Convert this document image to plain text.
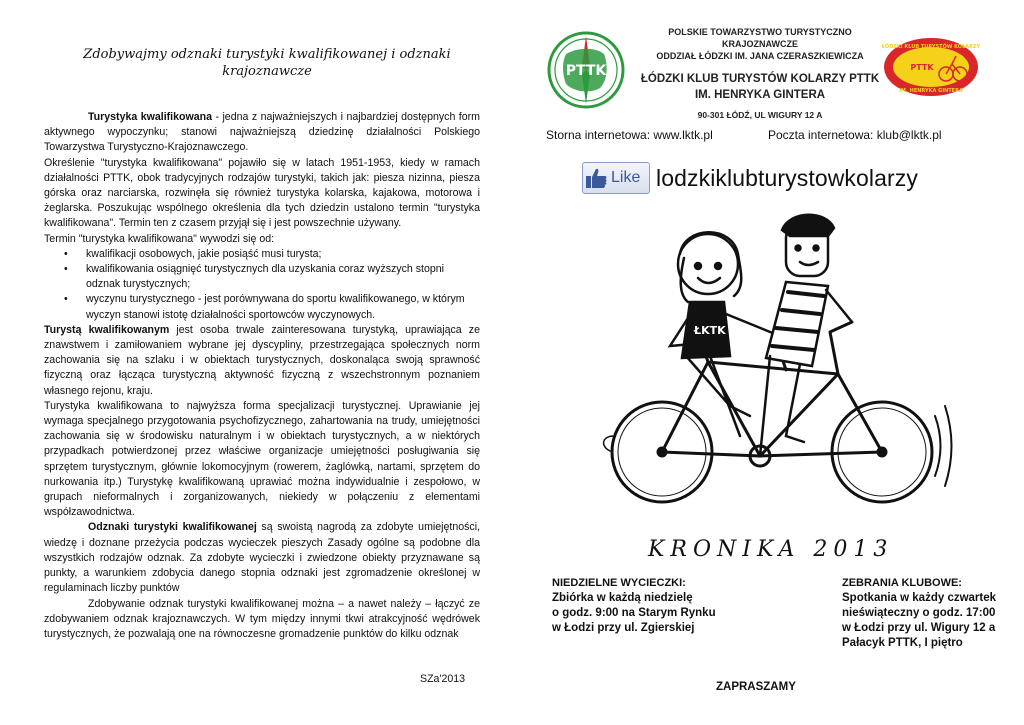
Zdobywajmy odznaki turystyki kwalifikowanej i odznaki krajoznawcze

Turystyka kwalifikowana - jedna z najważniejszych i najbardziej dostępnych form aktywnego wypoczynku; stanowi najważniejszą dziedzinę działalności Polskiego Towarzystwa Turystyczno-Krajoznawczego.

Określenie "turystyka kwalifikowana" pojawiło się w latach 1951-1953, kiedy w ramach działalności PTTK, obok tradycyjnych rodzajów turystyki, takich jak: piesza nizinna, piesza górska oraz narciarska, rozwinęła się również turystyka kolarska, kajakowa, motorowa i żeglarska. Poszukując wspólnego określenia dla tych dziedzin ustalono termin "turystyka kwalifikowana". Termin ten z czasem przyjął się i jest powszechnie używany.

Termin "turystyka kwalifikowana" wywodzi się od:

• kwalifikacji osobowych, jakie posiąść musi turysta;
• kwalifikowania osiągnięć turystycznych dla uzyskania coraz wyższych stopni odznak turystycznych;
• wyczynu turystycznego - jest porównywana do sportu kwalifikowanego, w którym wyczyn stanowi istotę działalności sportowców wyczynowych.

Turystą kwalifikowanym jest osoba trwale zainteresowana turystyką, uprawiająca ze znawstwem i zamiłowaniem wybrane jej dyscypliny, przestrzegająca społecznych norm zachowania się na szlaku i w obiektach turystycznych, doskonaląca swoją sprawność fizyczną oraz łącząca turystyczną aktywność fizyczną z wszechstronnym poznaniem własnego rejonu, kraju.

Turystyka kwalifikowana to najwyższa forma specjalizacji turystycznej. Uprawianie jej wymaga specjalnego przygotowania psychofizycznego, zahartowania na trudy, umiejętności zachowania się w środowisku naturalnym i w obiektach turystycznych, a w niektórych przypadkach potwierdzonej przez właściwe organizacje umiejętności posługiwania się sprzętem turystycznym, głównie lokomocyjnym (rowerem, żaglówką, nartami, sprzętem do nurkowania itp.) Turystykę kwalifikowaną uprawiać można indywidualnie i zespołowo, w grupach nieformalnych i zorganizowanych, niekiedy w połączeniu z elementami współzawodnictwa.

Odznaki turystyki kwalifikowanej są swoistą nagrodą za zdobyte umiejętności, wiedzę i doznane przeżycia podczas wycieczek pieszych Zasady ogólne są podobne dla wszystkich rodzajów odznak. Za zdobyte wycieczki i zwiedzone obiekty przyznawane są punkty, a warunkiem zdobycia danego stopnia odznaki jest zgromadzenie określonej w regulaminach liczby punktów

Zdobywanie odznak turystyki kwalifikowanej można – a nawet należy – łączyć ze zdobywaniem odznak krajoznawczych. W tym między innymi tkwi atrakcyjność wędrówek turystycznych, że pozwalają one na równoczesne gromadzenie punktów do kilku odznak

SZa'2013
PTTK
POLSKIE TOWARZYSTWO TURYSTYCZNO KRAJOZNAWCZE
ODDZIAŁ ŁÓDZKI IM. JANA CZERASZKIEWICZA
ŁÓDZKI KLUB TURYSTÓW KOLARZY PTTK
IM. HENRYKA GINTERA
90-301 ŁÓDŹ, UL WIGURY 12 A
ŁÓDZKI KLUB TURYSTÓW KOLARZY
IM. HENRYKA GINTERA
PTTK
Storna internetowa: www.lktk.pl	Poczta internetowa: klub@lktk.pl
Like lodzkiklubturystowkolarzy
ŁKTK
KRONIKA 2013
NIEDZIELNE WYCIECZKI:
Zbiórka w każdą niedzielę
o godz. 9:00 na Starym Rynku
w Łodzi przy ul. Zgierskiej
ZEBRANIA KLUBOWE:
Spotkania w każdy czwartek
nieświąteczny o godz. 17:00
w Łodzi przy ul. Wigury 12 a
Pałacyk PTTK, I piętro
ZAPRASZAMY
